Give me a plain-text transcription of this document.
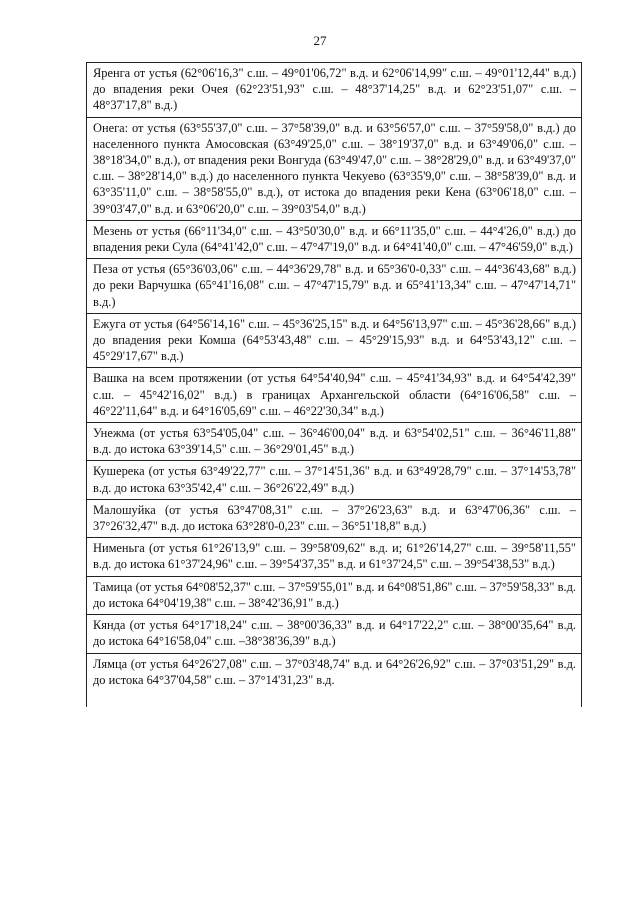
27

Яренга от устья (62°06'16,3" с.ш. – 49°01'06,72" в.д. и 62°06'14,99" с.ш. – 49°01'12,44" в.д.) до впадения реки Очея (62°23'51,93" с.ш. – 48°37'14,25" в.д. и 62°23'51,07" с.ш. – 48°37'17,8" в.д.)

Онега: от устья (63°55'37,0" с.ш. – 37°58'39,0" в.д. и 63°56'57,0" с.ш. – 37°59'58,0" в.д.) до населенного пункта Амосовская (63°49'25,0" с.ш. – 38°19'37,0" в.д. и 63°49'06,0" с.ш. – 38°18'34,0" в.д.), от впадения реки Вонгуда (63°49'47,0" с.ш. – 38°28'29,0" в.д. и 63°49'37,0" с.ш. – 38°28'14,0" в.д.) до населенного пункта Чекуево (63°35'9,0" с.ш. – 38°58'39,0" в.д. и 63°35'11,0" с.ш. – 38°58'55,0" в.д.), от истока до впадения реки Кена (63°06'18,0" с.ш. – 39°03'47,0" в.д. и 63°06'20,0" с.ш. – 39°03'54,0" в.д.)

Мезень от устья (66°11'34,0" с.ш. – 43°50'30,0" в.д. и 66°11'35,0" с.ш. – 44°4'26,0" в.д.) до впадения реки Сула (64°41'42,0" с.ш. – 47°47'19,0" в.д. и 64°41'40,0" с.ш. – 47°46'59,0" в.д.)

Пеза от устья (65°36'03,06" с.ш. – 44°36'29,78" в.д. и 65°36'0-0,33" с.ш. – 44°36'43,68" в.д.) до реки Варчушка (65°41'16,08" с.ш. – 47°47'15,79" в.д. и 65°41'13,34" с.ш. – 47°47'14,71" в.д.)

Ежуга от устья (64°56'14,16" с.ш. – 45°36'25,15" в.д. и 64°56'13,97" с.ш. – 45°36'28,66" в.д.) до впадения реки Комша (64°53'43,48" с.ш. – 45°29'15,93" в.д. и 64°53'43,12" с.ш. – 45°29'17,67" в.д.)

Вашка на всем протяжении (от устья 64°54'40,94" с.ш. – 45°41'34,93" в.д. и 64°54'42,39" с.ш. – 45°42'16,02" в.д.) в границах Архангельской области (64°16'06,58" с.ш. – 46°22'11,64" в.д. и 64°16'05,69" с.ш. – 46°22'30,34" в.д.)

Унежма (от устья 63°54'05,04" с.ш. – 36°46'00,04" в.д. и 63°54'02,51" с.ш. – 36°46'11,88" в.д. до истока 63°39'14,5" с.ш. – 36°29'01,45" в.д.)

Кушерека (от устья 63°49'22,77" с.ш. – 37°14'51,36" в.д. и 63°49'28,79" с.ш. – 37°14'53,78" в.д. до истока 63°35'42,4" с.ш. – 36°26'22,49" в.д.)

Малошуйка (от устья 63°47'08,31" с.ш. – 37°26'23,63" в.д. и 63°47'06,36" с.ш. – 37°26'32,47" в.д. до истока 63°28'0-0,23" с.ш. – 36°51'18,8" в.д.)

Нименьга (от устья 61°26'13,9" с.ш. – 39°58'09,62" в.д. и; 61°26'14,27" с.ш. – 39°58'11,55" в.д. до истока 61°37'24,96" с.ш. – 39°54'37,35" в.д. и 61°37'24,5" с.ш. – 39°54'38,53" в.д.)

Тамица (от устья 64°08'52,37" с.ш. – 37°59'55,01" в.д. и 64°08'51,86" с.ш. – 37°59'58,33" в.д. до истока 64°04'19,38" с.ш. – 38°42'36,91" в.д.)

Кянда (от устья 64°17'18,24" с.ш. – 38°00'36,33" в.д. и 64°17'22,2" с.ш. – 38°00'35,64" в.д. до истока 64°16'58,04" с.ш. –38°38'36,39" в.д.)

Лямца (от устья 64°26'27,08" с.ш. – 37°03'48,74" в.д. и 64°26'26,92" с.ш. – 37°03'51,29" в.д. до истока 64°37'04,58" с.ш. – 37°14'31,23" в.д.
